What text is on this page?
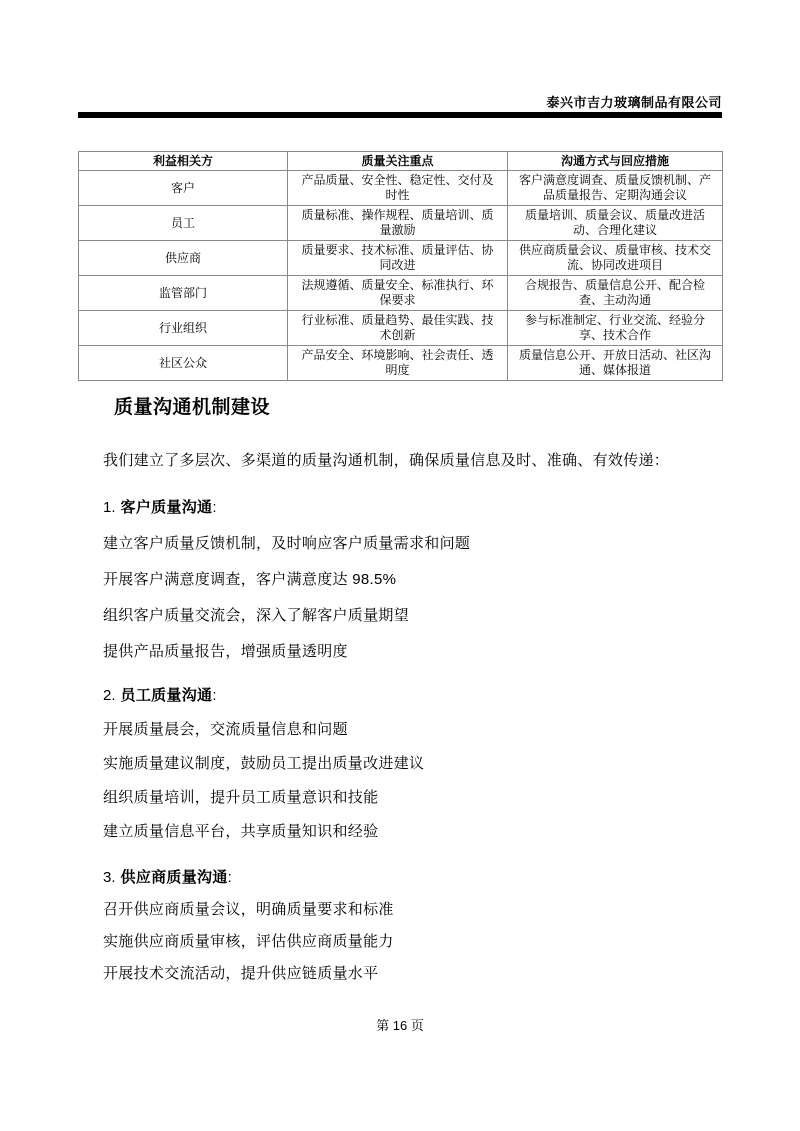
泰兴市吉力玻璃制品有限公司
利益相关方	质量关注重点	沟通方式与回应措施
客户	产品质量、安全性、稳定性、交付及时性	客户满意度调查、质量反馈机制、产品质量报告、定期沟通会议
员工	质量标准、操作规程、质量培训、质量激励	质量培训、质量会议、质量改进活动、合理化建议
供应商	质量要求、技术标准、质量评估、协同改进	供应商质量会议、质量审核、技术交流、协同改进项目
监管部门	法规遵循、质量安全、标准执行、环保要求	合规报告、质量信息公开、配合检查、主动沟通
行业组织	行业标准、质量趋势、最佳实践、技术创新	参与标准制定、行业交流、经验分享、技术合作
社区公众	产品安全、环境影响、社会责任、透明度	质量信息公开、开放日活动、社区沟通、媒体报道
质量沟通机制建设

我们建立了多层次、多渠道的质量沟通机制，确保质量信息及时、准确、有效传递：

1. 客户质量沟通:

建立客户质量反馈机制，及时响应客户质量需求和问题

开展客户满意度调查，客户满意度达 98.5%

组织客户质量交流会，深入了解客户质量期望

提供产品质量报告，增强质量透明度

2. 员工质量沟通:

开展质量晨会，交流质量信息和问题

实施质量建议制度，鼓励员工提出质量改进建议

组织质量培训，提升员工质量意识和技能

建立质量信息平台，共享质量知识和经验

3. 供应商质量沟通:

召开供应商质量会议，明确质量要求和标准

实施供应商质量审核，评估供应商质量能力

开展技术交流活动，提升供应链质量水平

第 16 页
